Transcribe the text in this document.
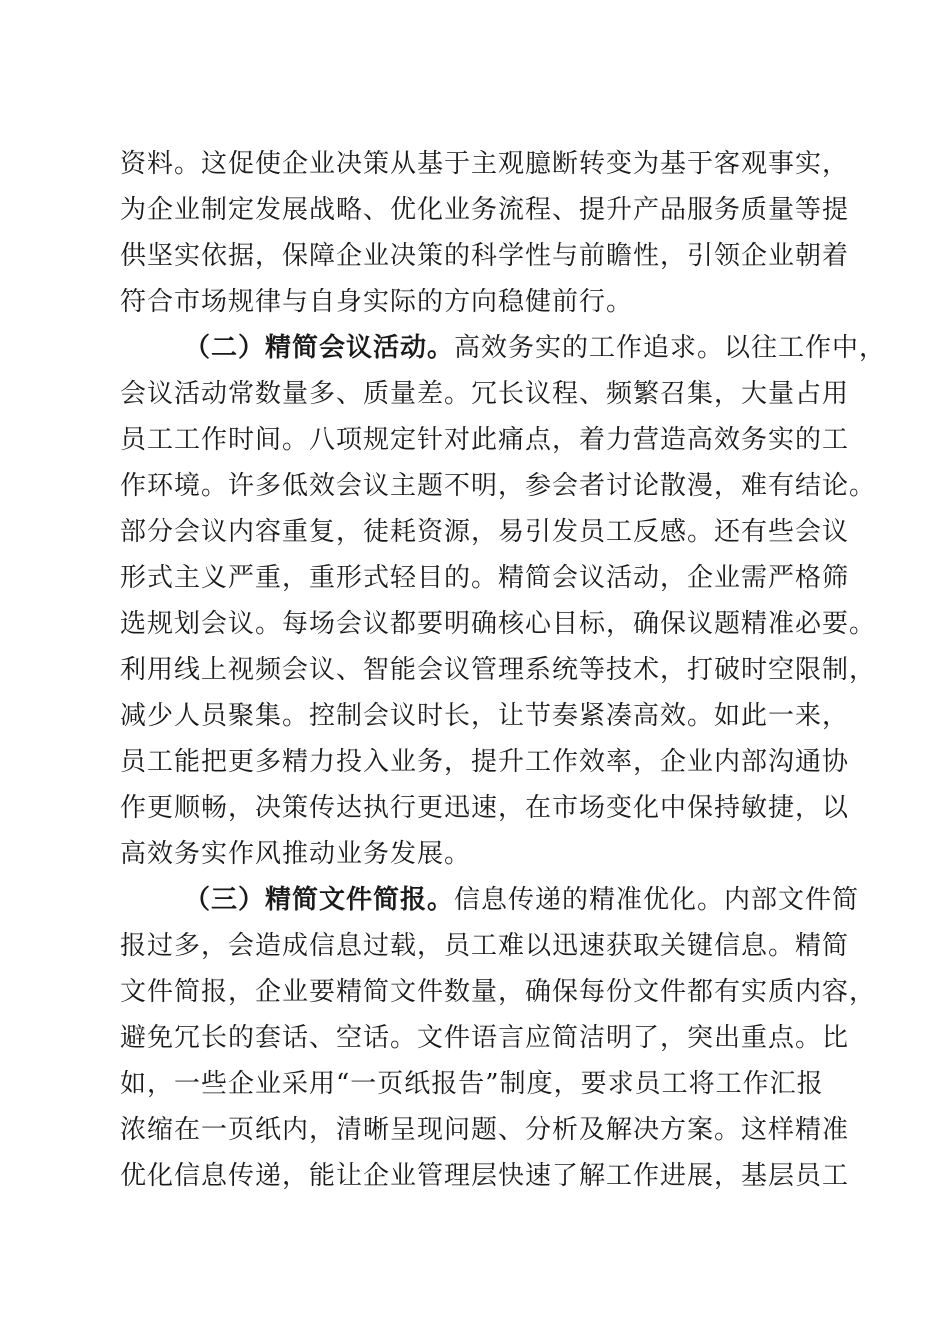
资料。这促使企业决策从基于主观臆断转变为基于客观事实，
为企业制定发展战略、优化业务流程、提升产品服务质量等提
供坚实依据，保障企业决策的科学性与前瞻性，引领企业朝着
符合市场规律与自身实际的方向稳健前行。
（二）精简会议活动。高效务实的工作追求。以往工作中，
会议活动常数量多、质量差。冗长议程、频繁召集，大量占用
员工工作时间。八项规定针对此痛点，着力营造高效务实的工
作环境。许多低效会议主题不明，参会者讨论散漫，难有结论。
部分会议内容重复，徒耗资源，易引发员工反感。还有些会议
形式主义严重，重形式轻目的。精简会议活动，企业需严格筛
选规划会议。每场会议都要明确核心目标，确保议题精准必要。
利用线上视频会议、智能会议管理系统等技术，打破时空限制，
减少人员聚集。控制会议时长，让节奏紧凑高效。如此一来，
员工能把更多精力投入业务，提升工作效率，企业内部沟通协
作更顺畅，决策传达执行更迅速，在市场变化中保持敏捷，以
高效务实作风推动业务发展。
（三）精简文件简报。信息传递的精准优化。内部文件简
报过多，会造成信息过载，员工难以迅速获取关键信息。精简
文件简报，企业要精简文件数量，确保每份文件都有实质内容，
避免冗长的套话、空话。文件语言应简洁明了，突出重点。比
如，一些企业采用“一页纸报告”制度，要求员工将工作汇报
浓缩在一页纸内，清晰呈现问题、分析及解决方案。这样精准
优化信息传递，能让企业管理层快速了解工作进展，基层员工
